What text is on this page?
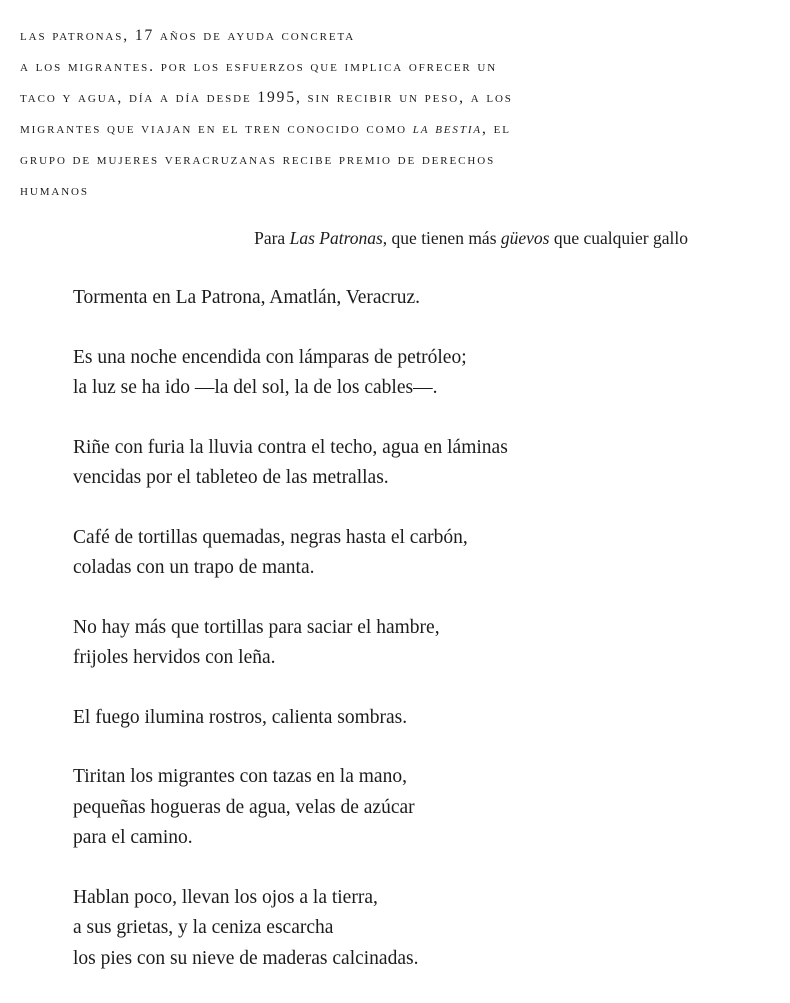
las patronas, 17 años de ayuda concreta
a los migrantes. por los esfuerzos que implica ofrecer un
taco y agua, día a día desde 1995, sin recibir un peso, a los
migrantes que viajan en el tren conocido como la bestia, el
grupo de mujeres veracruzanas recibe premio de derechos
humanos
Para Las Patronas, que tienen más güevos que cualquier gallo
Tormenta en La Patrona, Amatlán, Veracruz.
Es una noche encendida con lámparas de petróleo;
la luz se ha ido —la del sol, la de los cables—.
Riñe con furia la lluvia contra el techo, agua en láminas
vencidas por el tableteo de las metrallas.
Café de tortillas quemadas, negras hasta el carbón,
coladas con un trapo de manta.
No hay más que tortillas para saciar el hambre,
frijoles hervidos con leña.
El fuego ilumina rostros, calienta sombras.
Tiritan los migrantes con tazas en la mano,
pequeñas hogueras de agua, velas de azúcar
para el camino.
Hablan poco, llevan los ojos a la tierra,
a sus grietas, y la ceniza escarcha
los pies con su nieve de maderas calcinadas.
